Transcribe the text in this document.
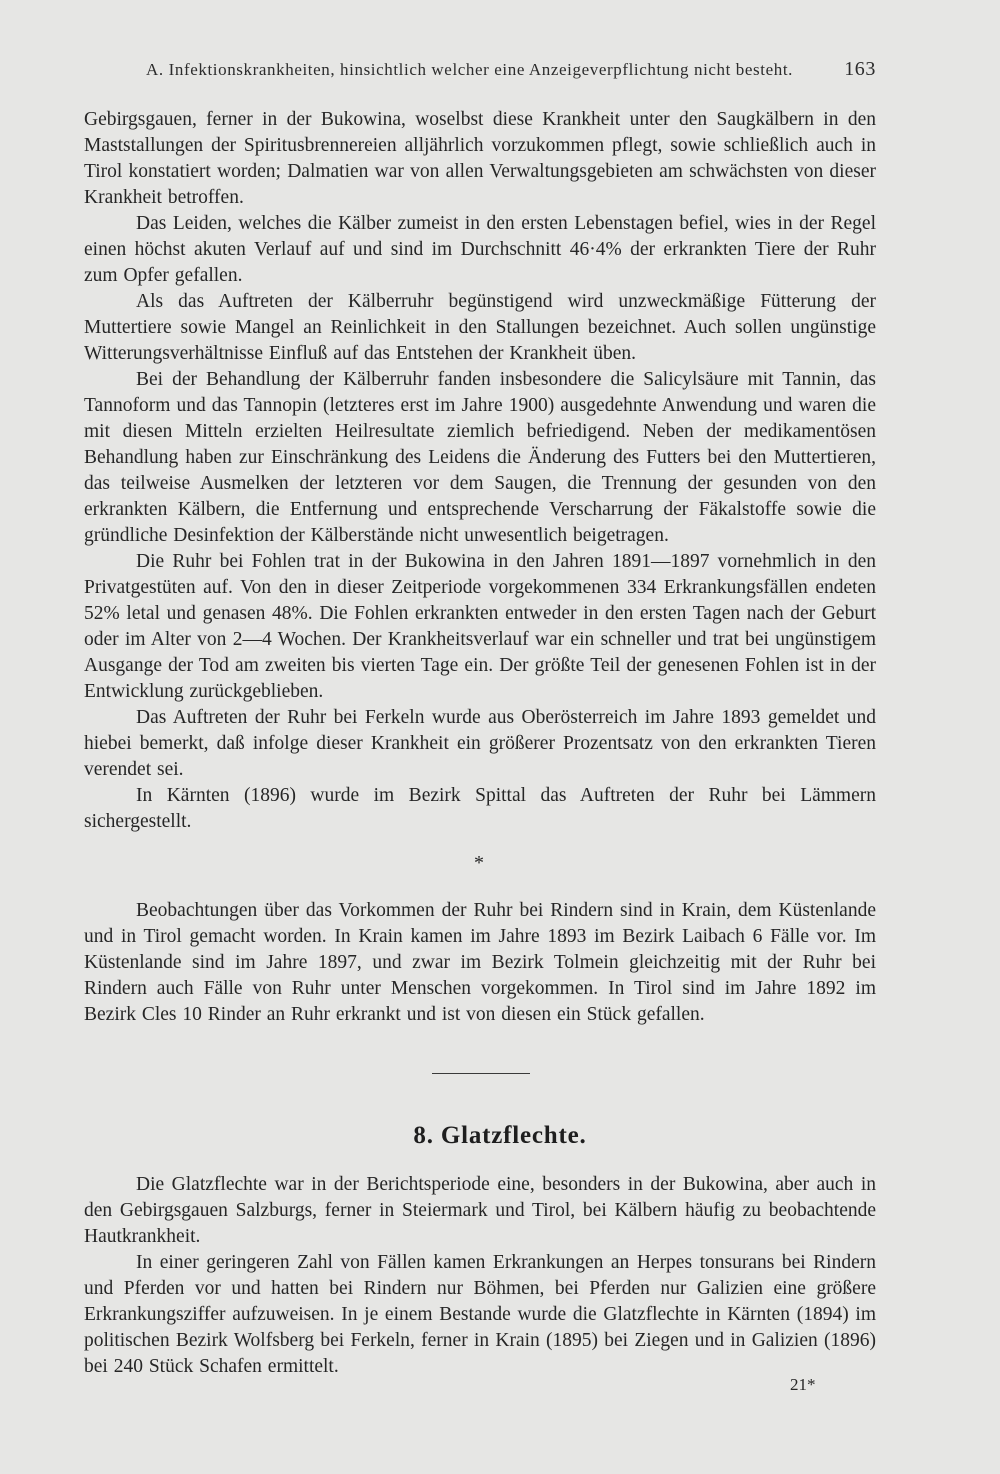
A. Infektionskrankheiten, hinsichtlich welcher eine Anzeigeverpflichtung nicht besteht.	163

Gebirgsgauen, ferner in der Bukowina, woselbst diese Krankheit unter den Saugkälbern in den Maststallungen der Spiritusbrennereien alljährlich vorzukommen pflegt, sowie schließlich auch in Tirol konstatiert worden; Dalmatien war von allen Verwaltungsgebieten am schwächsten von dieser Krankheit betroffen.

Das Leiden, welches die Kälber zumeist in den ersten Lebenstagen befiel, wies in der Regel einen höchst akuten Verlauf auf und sind im Durchschnitt 46·4% der erkrankten Tiere der Ruhr zum Opfer gefallen.

Als das Auftreten der Kälberruhr begünstigend wird unzweckmäßige Fütterung der Muttertiere sowie Mangel an Reinlichkeit in den Stallungen bezeichnet. Auch sollen ungünstige Witterungsverhältnisse Einfluß auf das Entstehen der Krankheit üben.

Bei der Behandlung der Kälberruhr fanden insbesondere die Salicylsäure mit Tannin, das Tannoform und das Tannopin (letzteres erst im Jahre 1900) ausgedehnte Anwendung und waren die mit diesen Mitteln erzielten Heilresultate ziemlich befriedigend. Neben der medikamentösen Behandlung haben zur Einschränkung des Leidens die Änderung des Futters bei den Muttertieren, das teilweise Ausmelken der letzteren vor dem Saugen, die Trennung der gesunden von den erkrankten Kälbern, die Entfernung und entsprechende Verscharrung der Fäkalstoffe sowie die gründliche Desinfektion der Kälberstände nicht unwesentlich beigetragen.

Die Ruhr bei Fohlen trat in der Bukowina in den Jahren 1891—1897 vornehmlich in den Privatgestüten auf. Von den in dieser Zeitperiode vorgekommenen 334 Erkrankungsfällen endeten 52% letal und genasen 48%. Die Fohlen erkrankten entweder in den ersten Tagen nach der Geburt oder im Alter von 2—4 Wochen. Der Krankheitsverlauf war ein schneller und trat bei ungünstigem Ausgange der Tod am zweiten bis vierten Tage ein. Der größte Teil der genesenen Fohlen ist in der Entwicklung zurückgeblieben.

Das Auftreten der Ruhr bei Ferkeln wurde aus Oberösterreich im Jahre 1893 gemeldet und hiebei bemerkt, daß infolge dieser Krankheit ein größerer Prozentsatz von den erkrankten Tieren verendet sei.

In Kärnten (1896) wurde im Bezirk Spittal das Auftreten der Ruhr bei Lämmern sichergestellt.

*

Beobachtungen über das Vorkommen der Ruhr bei Rindern sind in Krain, dem Küstenlande und in Tirol gemacht worden. In Krain kamen im Jahre 1893 im Bezirk Laibach 6 Fälle vor. Im Küstenlande sind im Jahre 1897, und zwar im Bezirk Tolmein gleichzeitig mit der Ruhr bei Rindern auch Fälle von Ruhr unter Menschen vorgekommen. In Tirol sind im Jahre 1892 im Bezirk Cles 10 Rinder an Ruhr erkrankt und ist von diesen ein Stück gefallen.

8. Glatzflechte.

Die Glatzflechte war in der Berichtsperiode eine, besonders in der Bukowina, aber auch in den Gebirgsgauen Salzburgs, ferner in Steiermark und Tirol, bei Kälbern häufig zu beobachtende Hautkrankheit.

In einer geringeren Zahl von Fällen kamen Erkrankungen an Herpes tonsurans bei Rindern und Pferden vor und hatten bei Rindern nur Böhmen, bei Pferden nur Galizien eine größere Erkrankungsziffer aufzuweisen. In je einem Bestande wurde die Glatzflechte in Kärnten (1894) im politischen Bezirk Wolfsberg bei Ferkeln, ferner in Krain (1895) bei Ziegen und in Galizien (1896) bei 240 Stück Schafen ermittelt.

21*
